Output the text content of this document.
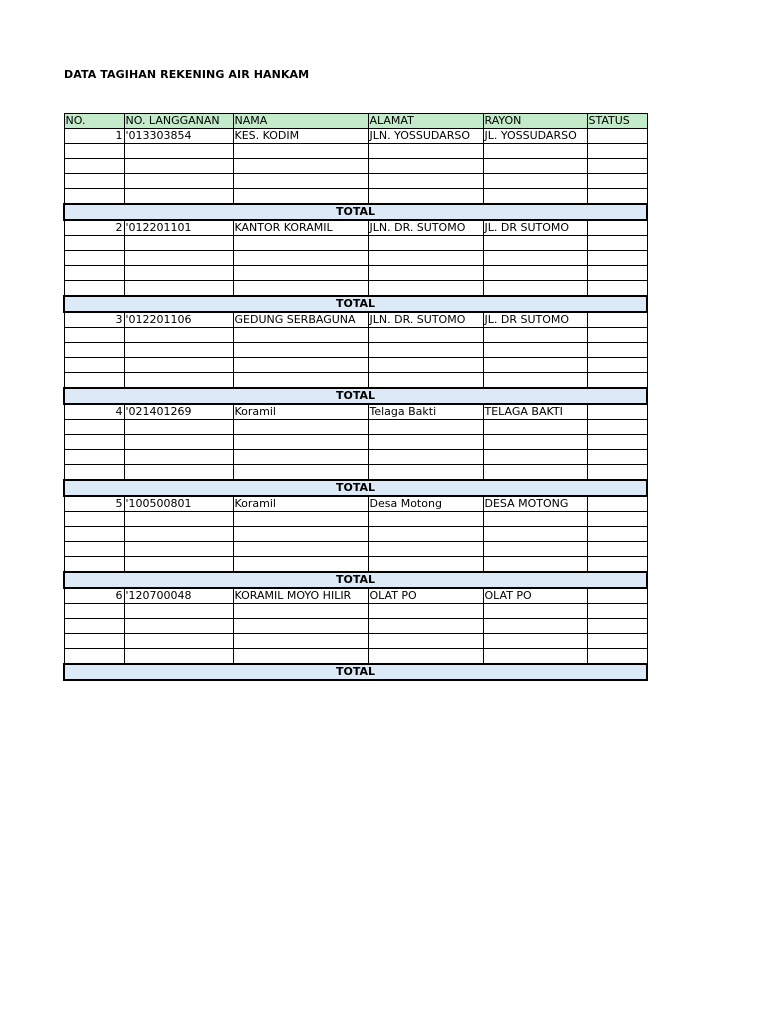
DATA TAGIHAN REKENING AIR HANKAM
NO.	NO. LANGGANAN	NAMA	ALAMAT	RAYON	STATUS
1	'013303854	KES. KODIM	JLN. YOSSUDARSO	JL. YOSSUDARSO	

TOTAL					
2	'012201101	KANTOR KORAMIL	JLN. DR. SUTOMO	JL. DR SUTOMO	

TOTAL					
3	'012201106	GEDUNG SERBAGUNA	JLN. DR. SUTOMO	JL. DR SUTOMO	

TOTAL					
4	'021401269	Koramil	Telaga Bakti	TELAGA BAKTI	

TOTAL					
5	'100500801	Koramil	Desa Motong	DESA MOTONG	

TOTAL					
6	'120700048	KORAMIL MOYO HILIR	OLAT PO	OLAT PO	

TOTAL					
